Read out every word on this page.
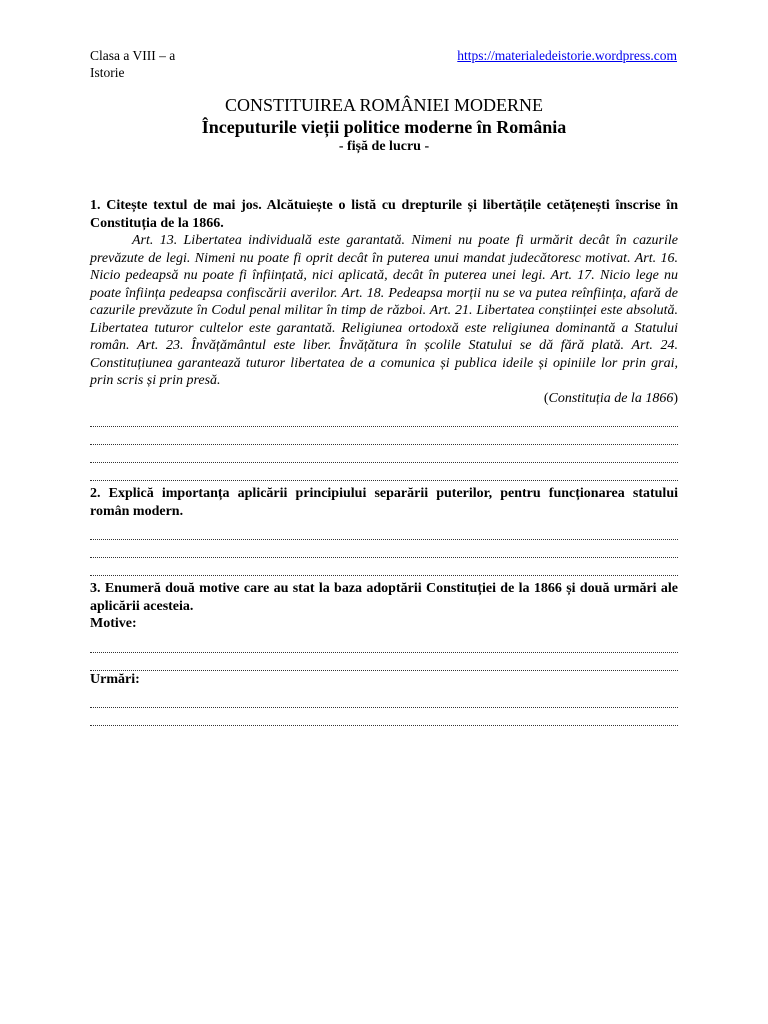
Clasa a VIII – a Istorie
https://materialedeistorie.wordpress.com
CONSTITUIREA ROMÂNIEI MODERNE
Începuturile vieții politice moderne în România
- fișă de lucru -
1. Citește textul de mai jos. Alcătuiește o listă cu drepturile și libertățile cetățenești înscrise în Constituția de la 1866.
Art. 13. Libertatea individuală este garantată. Nimeni nu poate fi urmărit decât în cazurile prevăzute de legi. Nimeni nu poate fi oprit decât în puterea unui mandat judecătoresc motivat. Art. 16. Nicio pedeapsă nu poate fi înființată, nici aplicată, decât în puterea unei legi. Art. 17. Nicio lege nu poate înființa pedeapsa confiscării averilor. Art. 18. Pedeapsa morții nu se va putea reînființa, afară de cazurile prevăzute în Codul penal militar în timp de război. Art. 21. Libertatea conștiinței este absolută. Libertatea tuturor cultelor este garantată. Religiunea ortodoxă este religiunea dominantă a Statului român. Art. 23. Învățământul este liber. Învățătura în școlile Statului se dă fără plată. Art. 24. Constituțiunea garantează tuturor libertatea de a comunica și publica ideile și opiniile lor prin grai, prin scris și prin presă.
(Constituția de la 1866)
2. Explică importanța aplicării principiului separării puterilor, pentru funcționarea statului român modern.
3. Enumeră două motive care au stat la baza adoptării Constituției de la 1866 și două urmări ale aplicării acesteia.
Motive:
Urmări:
